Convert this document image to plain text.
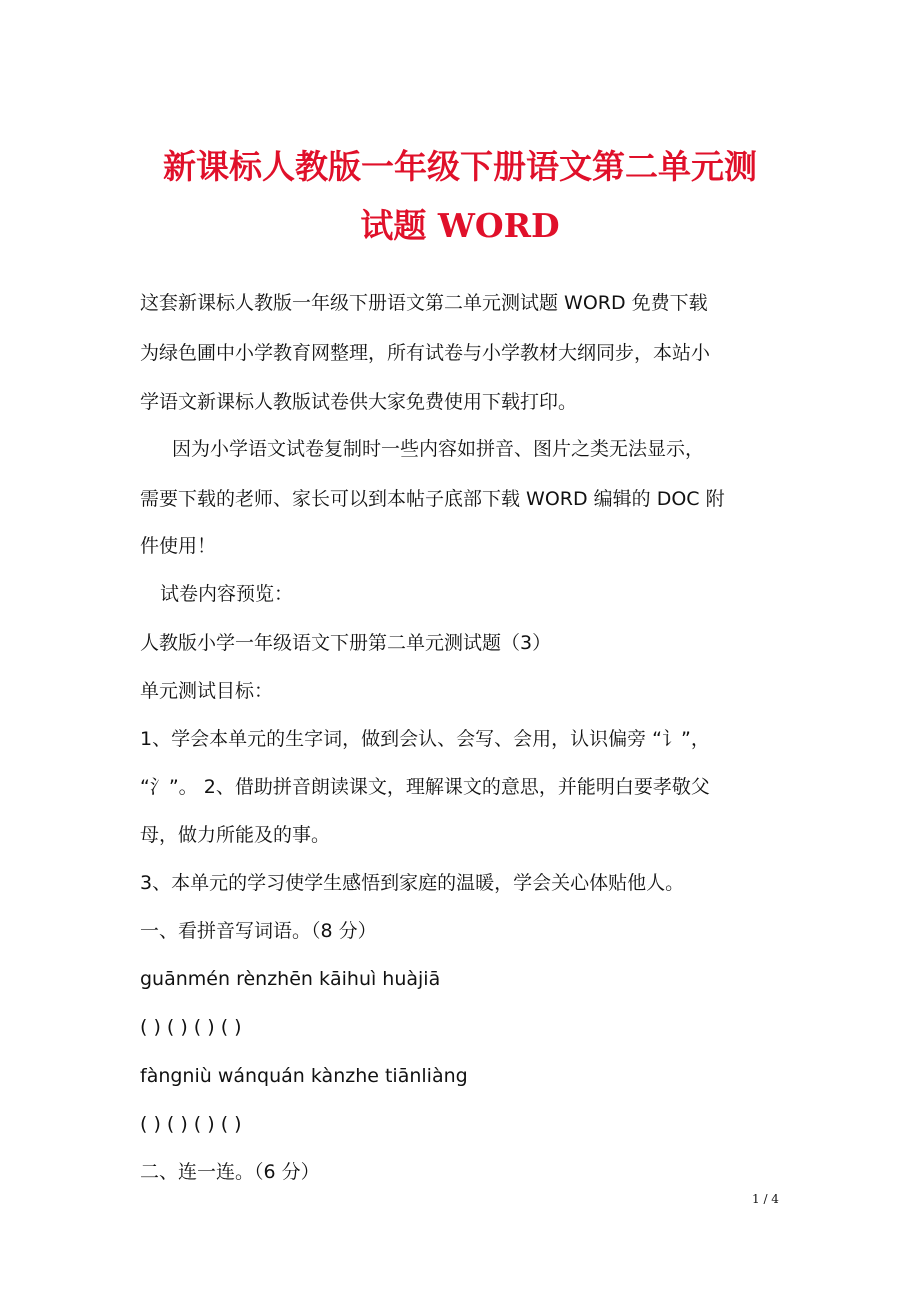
新课标人教版一年级下册语文第二单元测
试题 WORD
这套新课标人教版一年级下册语文第二单元测试题 WORD 免费下载
为绿色圃中小学教育网整理，所有试卷与小学教材大纲同步，本站小
学语文新课标人教版试卷供大家免费使用下载打印。
因为小学语文试卷复制时一些内容如拼音、图片之类无法显示，
需要下载的老师、家长可以到本帖子底部下载 WORD 编辑的 DOC 附
件使用！
试卷内容预览：
人教版小学一年级语文下册第二单元测试题（3）
单元测试目标：
1、学会本单元的生字词，做到会认、会写、会用，认识偏旁 “讠”，
“氵”。 2、借助拼音朗读课文，理解课文的意思，并能明白要孝敬父
母，做力所能及的事。
3、本单元的学习使学生感悟到家庭的温暖，学会关心体贴他人。
一、看拼音写词语。（8 分）
guānmén rènzhēn kāihuì huàjiā
( ) ( ) ( ) ( )
fàngniù wánquán kànzhe tiānliàng
( ) ( ) ( ) ( )
二、连一连。（6 分）
1 / 4
